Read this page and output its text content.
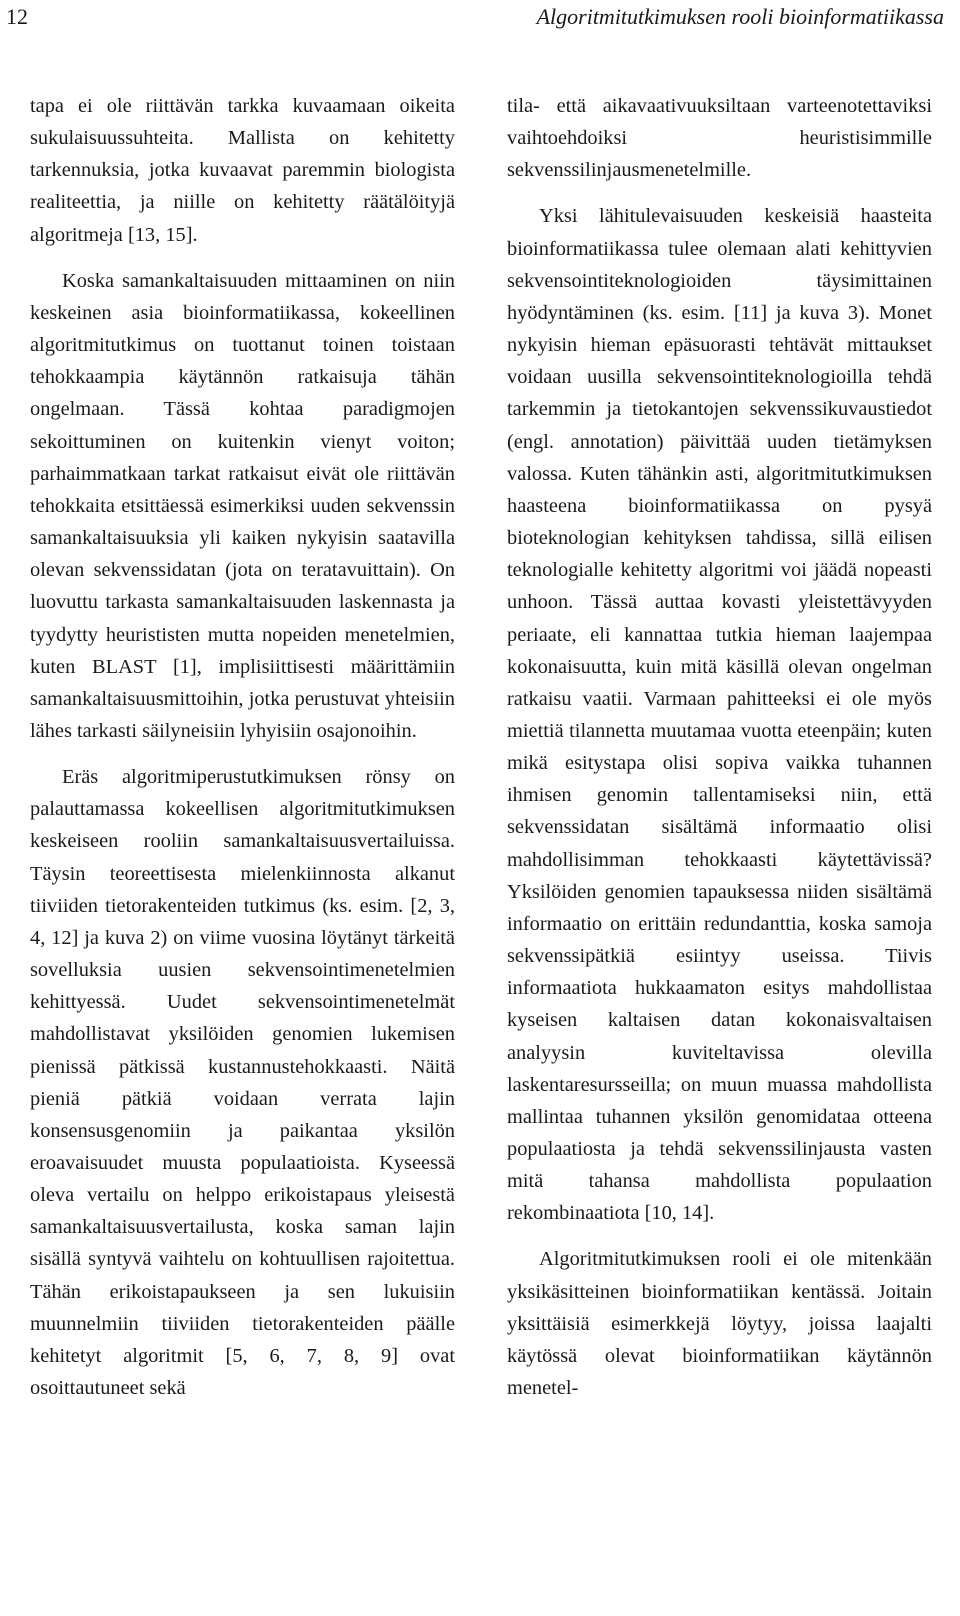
12	Algoritmitutkimuksen rooli bioinformatiikassa

tapa ei ole riittävän tarkka kuvaamaan oikeita sukulaisuussuhteita. Mallista on kehitetty tarkennuksia, jotka kuvaavat paremmin biologista realiteettia, ja niille on kehitetty räätälöityjä algoritmeja [13, 15].

Koska samankaltaisuuden mittaaminen on niin keskeinen asia bioinformatiikassa, kokeellinen algoritmitutkimus on tuottanut toinen toistaan tehokkaampia käytännön ratkaisuja tähän ongelmaan. Tässä kohtaa paradigmojen sekoittuminen on kuitenkin vienyt voiton; parhaimmatkaan tarkat ratkaisut eivät ole riittävän tehokkaita etsittäessä esimerkiksi uuden sekvenssin samankaltaisuuksia yli kaiken nykyisin saatavilla olevan sekvenssidatan (jota on teratavuittain). On luovuttu tarkasta samankaltaisuuden laskennasta ja tyydytty heurististen mutta nopeiden menetelmien, kuten BLAST [1], implisiittisesti määrittämiin samankaltaisuusmittoihin, jotka perustuvat yhteisiin lähes tarkasti säilyneisiin lyhyisiin osajonoihin.

Eräs algoritmiperustutkimuksen rönsy on palauttamassa kokeellisen algoritmitutkimuksen keskeiseen rooliin samankaltaisuusvertailuissa. Täysin teoreettisesta mielenkiinnosta alkanut tiiviiden tietorakenteiden tutkimus (ks. esim. [2, 3, 4, 12] ja kuva 2) on viime vuosina löytänyt tärkeitä sovelluksia uusien sekvensointimenetelmien kehittyessä. Uudet sekvensointimenetelmät mahdollistavat yksilöiden genomien lukemisen pienissä pätkissä kustannustehokkaasti. Näitä pieniä pätkiä voidaan verrata lajin konsensusgenomiin ja paikantaa yksilön eroavaisuudet muusta populaatioista. Kyseessä oleva vertailu on helppo erikoistapaus yleisestä samankaltaisuusvertailusta, koska saman lajin sisällä syntyvä vaihtelu on kohtuullisen rajoitettua. Tähän erikoistapaukseen ja sen lukuisiin muunnelmiin tiiviiden tietorakenteiden päälle kehitetyt algoritmit [5, 6, 7, 8, 9] ovat osoittautuneet sekä

tila- että aikavaativuuksiltaan varteenotettaviksi vaihtoehdoiksi heuristisimmille sekvenssilinjausmenetelmille.

Yksi lähitulevaisuuden keskeisiä haasteita bioinformatiikassa tulee olemaan alati kehittyvien sekvensointiteknologioiden täysimittainen hyödyntäminen (ks. esim. [11] ja kuva 3). Monet nykyisin hieman epäsuorasti tehtävät mittaukset voidaan uusilla sekvensointiteknologioilla tehdä tarkemmin ja tietokantojen sekvenssikuvaustiedot (engl. annotation) päivittää uuden tietämyksen valossa. Kuten tähänkin asti, algoritmitutkimuksen haasteena bioinformatiikassa on pysyä bioteknologian kehityksen tahdissa, sillä eilisen teknologialle kehitetty algoritmi voi jäädä nopeasti unhoon. Tässä auttaa kovasti yleistettävyyden periaate, eli kannattaa tutkia hieman laajempaa kokonaisuutta, kuin mitä käsillä olevan ongelman ratkaisu vaatii. Varmaan pahitteeksi ei ole myös miettiä tilannetta muutamaa vuotta eteenpäin; kuten mikä esitystapa olisi sopiva vaikka tuhannen ihmisen genomin tallentamiseksi niin, että sekvenssidatan sisältämä informaatio olisi mahdollisimman tehokkaasti käytettävissä? Yksilöiden genomien tapauksessa niiden sisältämä informaatio on erittäin redundanttia, koska samoja sekvenssipätkiä esiintyy useissa. Tiivis informaatiota hukkaamaton esitys mahdollistaa kyseisen kaltaisen datan kokonaisvaltaisen analyysin kuviteltavissa olevilla laskentaresursseilla; on muun muassa mahdollista mallintaa tuhannen yksilön genomidataa otteena populaatiosta ja tehdä sekvenssilinjausta vasten mitä tahansa mahdollista populaation rekombinaatiota [10, 14].

Algoritmitutkimuksen rooli ei ole mitenkään yksikäsitteinen bioinformatiikan kentässä. Joitain yksittäisiä esimerkkejä löytyy, joissa laajalti käytössä olevat bioinformatiikan käytännön menetel-
